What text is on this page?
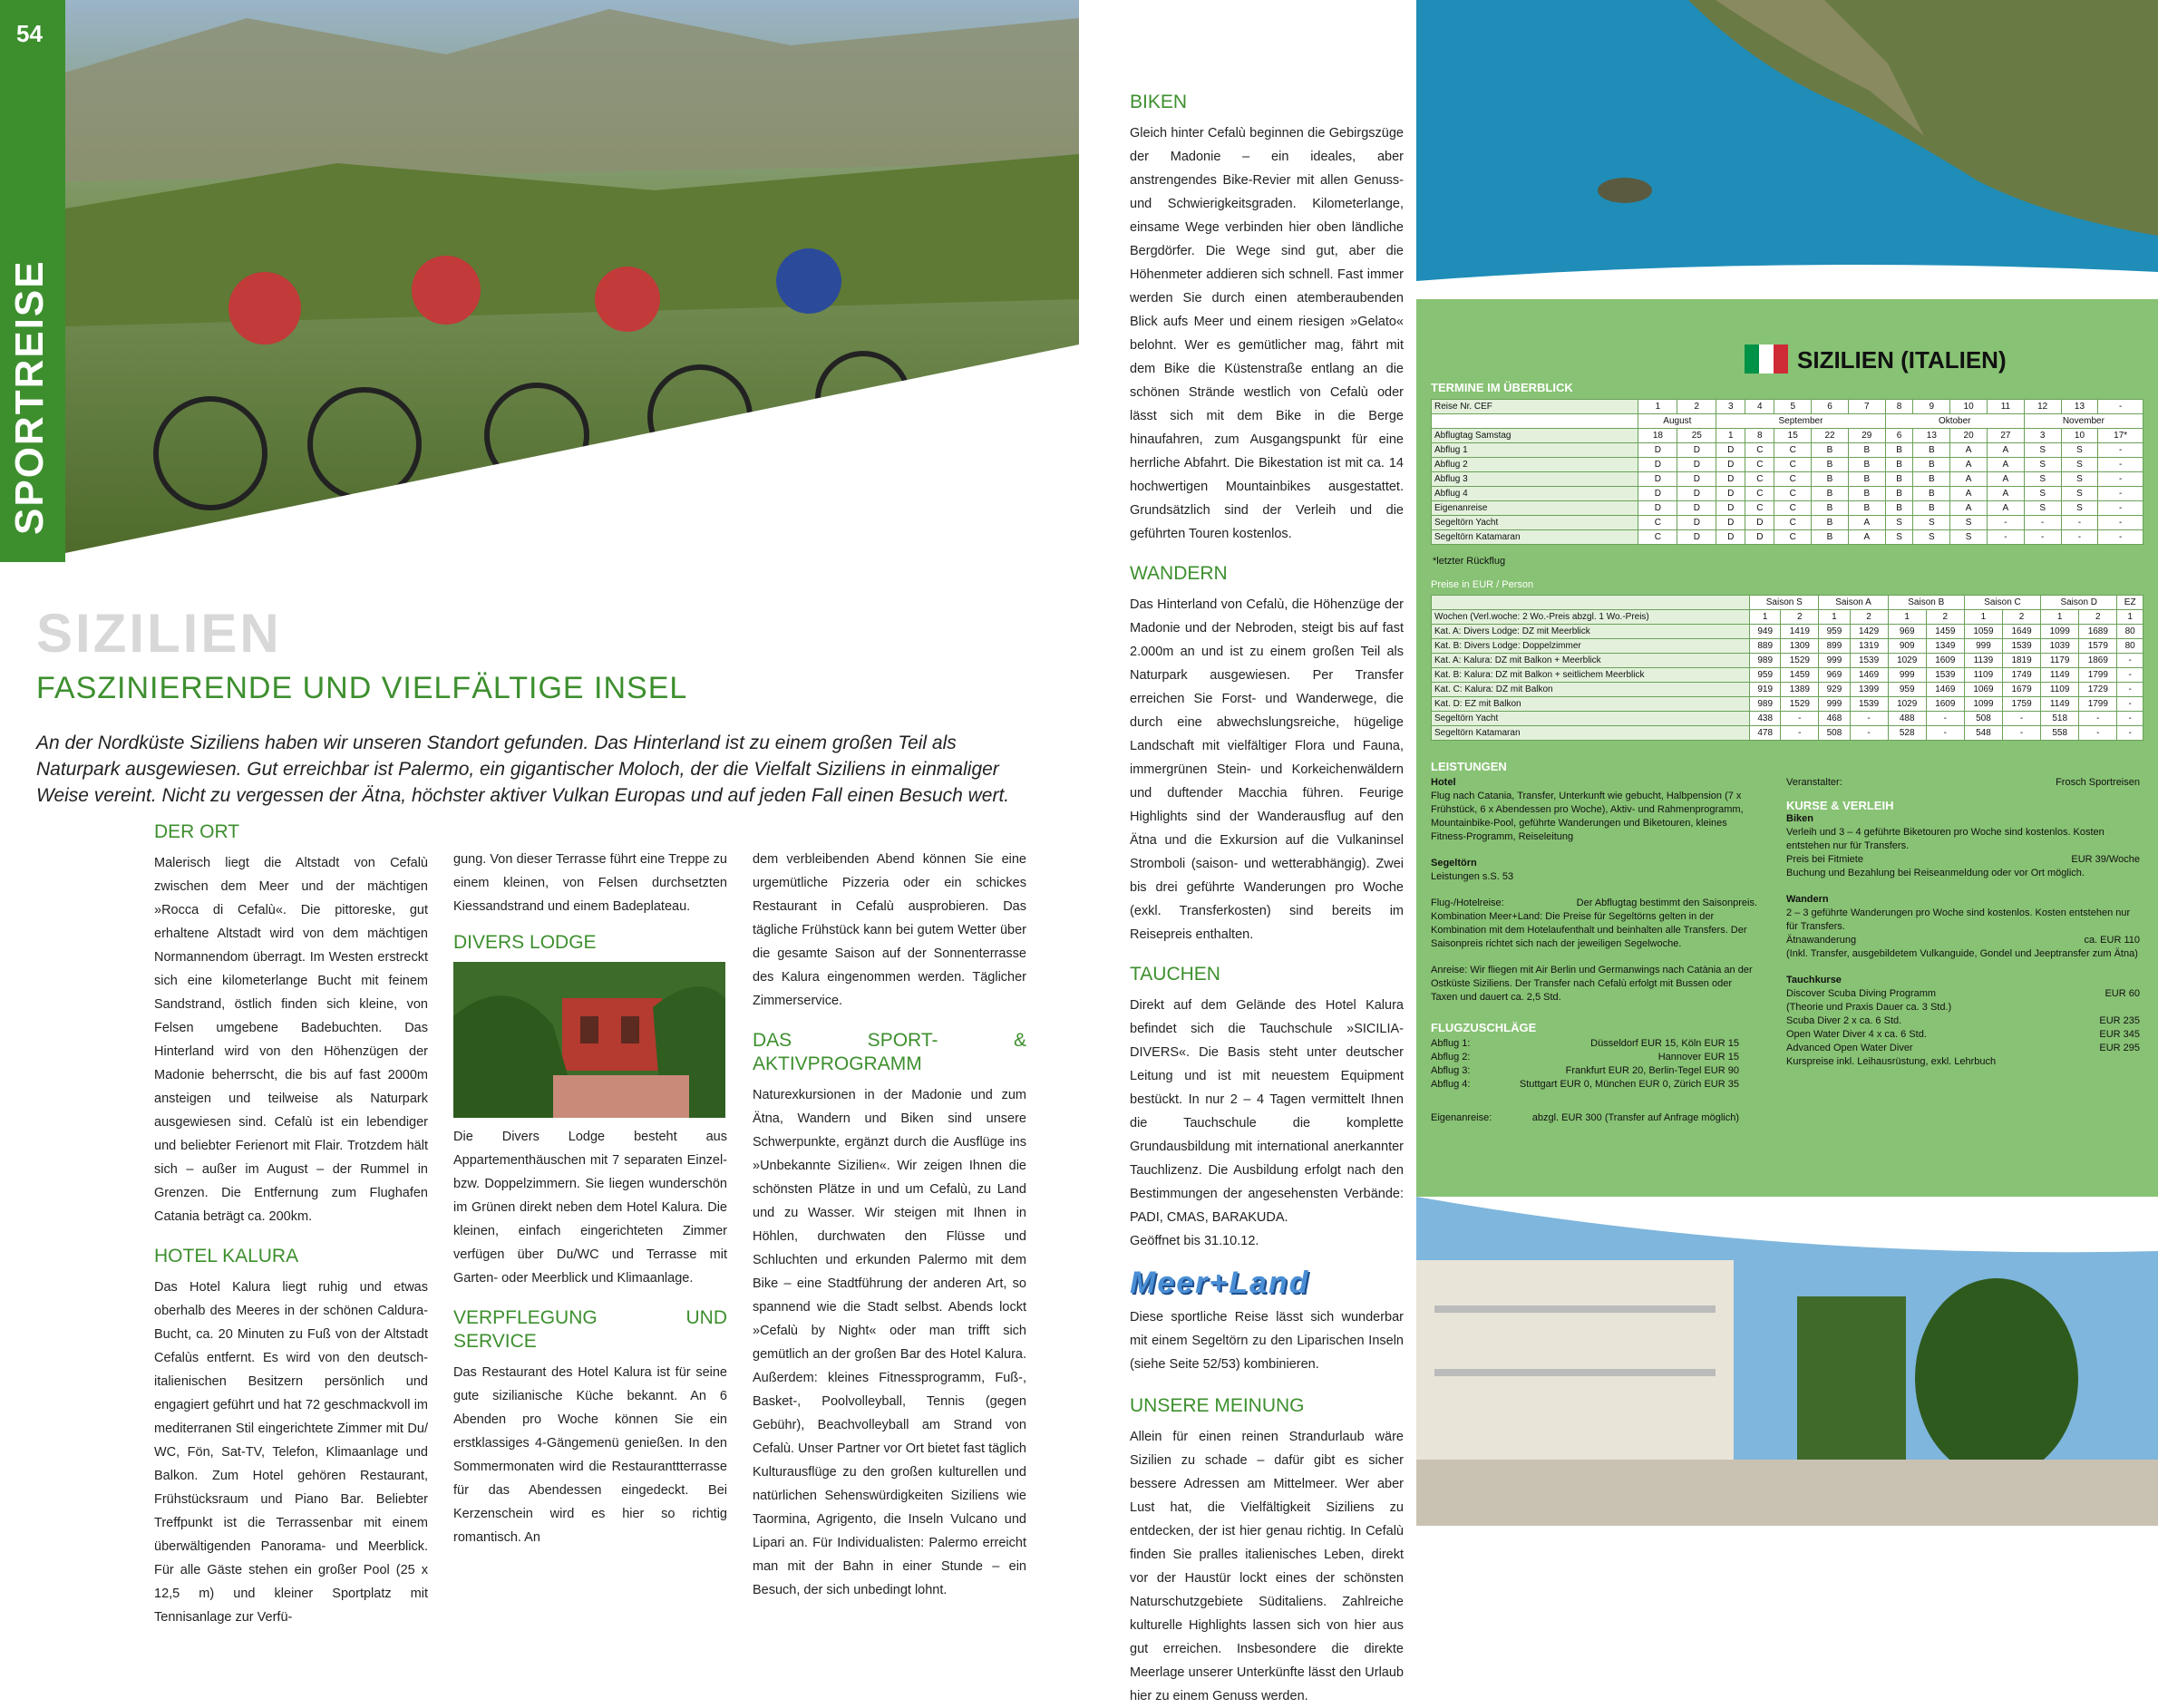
54
SPORTREISE
SIZILIEN
FASZINIERENDE UND VIELFÄLTIGE INSEL
An der Nordküste Siziliens haben wir unseren Standort gefunden. Das Hinterland ist zu einem großen Teil als Naturpark ausgewiesen. Gut erreichbar ist Palermo, ein gigantischer Moloch, der die Vielfalt Siziliens in einmaliger Weise vereint. Nicht zu vergessen der Ätna, höchster aktiver Vulkan Europas und auf jeden Fall einen Besuch wert.
DER ORT

Malerisch liegt die Altstadt von Cefalù zwischen dem Meer und der mächtigen »Rocca di Cefalù«. Die pittoreske, gut erhaltene Altstadt wird von dem mächtigen Normannendom überragt. Im Westen erstreckt sich eine kilometerlange Bucht mit feinem Sandstrand, östlich finden sich kleine, von Felsen umgebene Badebuchten. Das Hinterland wird von den Höhenzügen der Madonie beherrscht, die bis auf fast 2000m ansteigen und teilweise als Naturpark ausgewiesen sind. Cefalù ist ein lebendiger und beliebter Ferienort mit Flair. Trotzdem hält sich – außer im August – der Rummel in Grenzen. Die Entfernung zum Flughafen Catania beträgt ca. 200km.

HOTEL KALURA

Das Hotel Kalura liegt ruhig und etwas oberhalb des Meeres in der schönen Caldura-Bucht, ca. 20 Minuten zu Fuß von der Altstadt Cefalùs entfernt. Es wird von den deutsch-italienischen Besitzern persönlich und engagiert geführt und hat 72 geschmackvoll im mediterranen Stil eingerichtete Zimmer mit Du/ WC, Fön, Sat-TV, Telefon, Klimaanlage und Balkon. Zum Hotel gehören Restaurant, Frühstücksraum und Piano Bar. Beliebter Treffpunkt ist die Terrassenbar mit einem überwältigenden Panorama- und Meerblick. Für alle Gäste stehen ein großer Pool (25 x 12,5 m) und kleiner Sportplatz mit Tennisanlage zur Verfü-

gung. Von dieser Terrasse führt eine Treppe zu einem kleinen, von Felsen durchsetzten Kiessandstrand und einem Badeplateau.

DIVERS LODGE

Die Divers Lodge besteht aus Appartementhäuschen mit 7 separaten Einzel- bzw. Doppelzimmern. Sie liegen wunderschön im Grünen direkt neben dem Hotel Kalura. Die kleinen, einfach eingerichteten Zimmer verfügen über Du/WC und Terrasse mit Garten- oder Meerblick und Klimaanlage.

VERPFLEGUNG UND SERVICE

Das Restaurant des Hotel Kalura ist für seine gute sizilianische Küche bekannt. An 6 Abenden pro Woche können Sie ein erstklassiges 4-Gängemenü genießen. In den Sommermonaten wird die Restauranttterrasse für das Abendessen eingedeckt. Bei Kerzenschein wird es hier so richtig romantisch. An

dem verbleibenden Abend können Sie eine urgemütliche Pizzeria oder ein schickes Restaurant in Cefalù ausprobieren. Das tägliche Frühstück kann bei gutem Wetter über die gesamte Saison auf der Sonnenterrasse des Kalura eingenommen werden. Täglicher Zimmerservice.

DAS SPORT- & AKTIVPROGRAMM

Naturexkursionen in der Madonie und zum Ätna, Wandern und Biken sind unsere Schwerpunkte, ergänzt durch die Ausflüge ins »Unbekannte Sizilien«. Wir zeigen Ihnen die schönsten Plätze in und um Cefalù, zu Land und zu Wasser. Wir steigen mit Ihnen in Höhlen, durchwaten den Flüsse und Schluchten und erkunden Palermo mit dem Bike – eine Stadtführung der anderen Art, so spannend wie die Stadt selbst. Abends lockt »Cefalù by Night« oder man trifft sich gemütlich an der großen Bar des Hotel Kalura. Außerdem: kleines Fitnessprogramm, Fuß-, Basket-, Poolvolleyball, Tennis (gegen Gebühr), Beachvolleyball am Strand von Cefalù. Unser Partner vor Ort bietet fast täglich Kulturausflüge zu den großen kulturellen und natürlichen Sehenswürdigkeiten Siziliens wie Taormina, Agrigento, die Inseln Vulcano und Lipari an. Für Individualisten: Palermo erreicht man mit der Bahn in einer Stunde – ein Besuch, der sich unbedingt lohnt.

BIKEN

Gleich hinter Cefalù beginnen die Gebirgszüge der Madonie – ein ideales, aber anstrengendes Bike-Revier mit allen Genuss- und Schwierigkeitsgraden. Kilometerlange, einsame Wege verbinden hier oben ländliche Bergdörfer. Die Wege sind gut, aber die Höhenmeter addieren sich schnell. Fast immer werden Sie durch einen atemberaubenden Blick aufs Meer und einem riesigen »Gelato« belohnt. Wer es gemütlicher mag, fährt mit dem Bike die Küstenstraße entlang an die schönen Strände westlich von Cefalù oder lässt sich mit dem Bike in die Berge hinaufahren, zum Ausgangspunkt für eine herrliche Abfahrt. Die Bikestation ist mit ca. 14 hochwertigen Mountainbikes ausgestattet. Grundsätzlich sind der Verleih und die geführten Touren kostenlos.

WANDERN

Das Hinterland von Cefalù, die Höhenzüge der Madonie und der Nebroden, steigt bis auf fast 2.000m an und ist zu einem großen Teil als Naturpark ausgewiesen. Per Transfer erreichen Sie Forst- und Wanderwege, die durch eine abwechslungsreiche, hügelige Landschaft mit vielfältiger Flora und Fauna, immergrünen Stein- und Korkeichenwäldern und duftender Macchia führen. Feurige Highlights sind der Wanderausflug auf den Ätna und die Exkursion auf die Vulkaninsel Stromboli (saison- und wetterabhängig). Zwei bis drei geführte Wanderungen pro Woche (exkl. Transferkosten) sind bereits im Reisepreis enthalten.

TAUCHEN

Direkt auf dem Gelände des Hotel Kalura befindet sich die Tauchschule »SICILIA-DIVERS«. Die Basis steht unter deutscher Leitung und ist mit neuestem Equipment bestückt. In nur 2 – 4 Tagen vermittelt Ihnen die Tauchschule die komplette Grundausbildung mit international anerkannter Tauchlizenz. Die Ausbildung erfolgt nach den Bestimmungen der angesehensten Verbände: PADI, CMAS, BARAKUDA.

Geöffnet bis 31.10.12.

Meer+Land

Diese sportliche Reise lässt sich wunderbar mit einem Segeltörn zu den Liparischen Inseln (siehe Seite 52/53) kombinieren.

UNSERE MEINUNG

Allein für einen reinen Strandurlaub wäre Sizilien zu schade – dafür gibt es sicher bessere Adressen am Mittelmeer. Wer aber Lust hat, die Vielfältigkeit Siziliens zu entdecken, der ist hier genau richtig. In Cefalù finden Sie pralles italienisches Leben, direkt vor der Haustür lockt eines der schönsten Naturschutzgebiete Süditaliens. Zahlreiche kulturelle Highlights lassen sich von hier aus gut erreichen. Insbesondere die direkte Meerlage unserer Unterkünfte lässt den Urlaub hier zu einem Genuss werden.

SIZILIEN (ITALIEN)
TERMINE IM ÜBERBLICK
Reise Nr. CEF	1	2	3	4	5	6	7	8	9	10	11	12	13	-
	August		September					Oktober				November		
Abflugtag Samstag	18	25	1	8	15	22	29	6	13	20	27	3	10	17*
Abflug 1	D	D	D	C	C	B	B	B	B	A	A	S	S	-
Abflug 2	D	D	D	C	C	B	B	B	B	A	A	S	S	-
Abflug 3	D	D	D	C	C	B	B	B	B	A	A	S	S	-
Abflug 4	D	D	D	C	C	B	B	B	B	A	A	S	S	-
Eigenanreise	D	D	D	C	C	B	B	B	B	A	A	S	S	-
Segeltörn Yacht	C	D	D	D	C	B	A	S	S	S	-	-	-	-
Segeltörn Katamaran	C	D	D	D	C	B	A	S	S	S	-	-	-	-
*letzter Rückflug
Preise in EUR / Person
	Saison S		Saison A		Saison B		Saison C		Saison D		EZ
Wochen (Verl.woche: 2 Wo.-Preis abzgl. 1 Wo.-Preis)	1	2	1	2	1	2	1	2	1	2	1
Kat. A: Divers Lodge: DZ mit Meerblick	949	1419	959	1429	969	1459	1059	1649	1099	1689	80
Kat. B: Divers Lodge: Doppelzimmer	889	1309	899	1319	909	1349	999	1539	1039	1579	80
Kat. A: Kalura: DZ mit Balkon + Meerblick	989	1529	999	1539	1029	1609	1139	1819	1179	1869	-
Kat. B: Kalura: DZ mit Balkon + seitlichem Meerblick	959	1459	969	1469	999	1539	1109	1749	1149	1799	-
Kat. C: Kalura: DZ mit Balkon	919	1389	929	1399	959	1469	1069	1679	1109	1729	-
Kat. D: EZ mit Balkon	989	1529	999	1539	1029	1609	1099	1759	1149	1799	-
Segeltörn Yacht	438	-	468	-	488	-	508	-	518	-	-
Segeltörn Katamaran	478	-	508	-	528	-	548	-	558	-	-
LEISTUNGEN
Hotel
Flug nach Catania, Transfer, Unterkunft wie gebucht, Halbpension (7 x Frühstück, 6 x Abendessen pro Woche), Aktiv- und Rahmenprogramm, Mountainbike-Pool, geführte Wanderungen und Biketouren, kleines Fitness-Programm, Reiseleitung
Segeltörn
Leistungen s.S. 53
Flug-/Hotelreise:	Der Abflugtag bestimmt den Saisonpreis.
Kombination Meer+Land: Die Preise für Segeltörns gelten in der Kombination mit dem Hotelaufenthalt und beinhalten alle Transfers. Der Saisonpreis richtet sich nach der jeweiligen Segelwoche.
Anreise: Wir fliegen mit Air Berlin und Germanwings nach Catània an der Ostküste Siziliens. Der Transfer nach Cefalù erfolgt mit Bussen oder Taxen und dauert ca. 2,5 Std.
FLUGZUSCHLÄGE
Abflug 1:	Düsseldorf EUR 15, Köln EUR 15
Abflug 2:	Hannover EUR 15
Abflug 3:	Frankfurt EUR 20, Berlin-Tegel EUR 90
Abflug 4:	Stuttgart EUR 0, München EUR 0, Zürich EUR 35
Eigenanreise:	abzgl. EUR 300 (Transfer auf Anfrage möglich)
Veranstalter:	Frosch Sportreisen
KURSE & VERLEIH
Biken
Verleih und 3 – 4 geführte Biketouren pro Woche sind kostenlos. Kosten entstehen nur für Transfers.
Preis bei Fitmiete	EUR 39/Woche
Buchung und Bezahlung bei Reiseanmeldung oder vor Ort möglich.
Wandern
2 – 3 geführte Wanderungen pro Woche sind kostenlos. Kosten entstehen nur für Transfers.
Ätnawanderung	ca. EUR 110
(Inkl. Transfer, ausgebildetem Vulkanguide, Gondel und Jeeptransfer zum Ätna)
Tauchkurse
Discover Scuba Diving Programm	EUR 60
(Theorie und Praxis Dauer ca. 3 Std.)
Scuba Diver 2 x ca. 6 Std.	EUR 235
Open Water Diver 4 x ca. 6 Std.	EUR 345
Advanced Open Water Diver	EUR 295
Kurspreise inkl. Leihausrüstung, exkl. Lehrbuch
